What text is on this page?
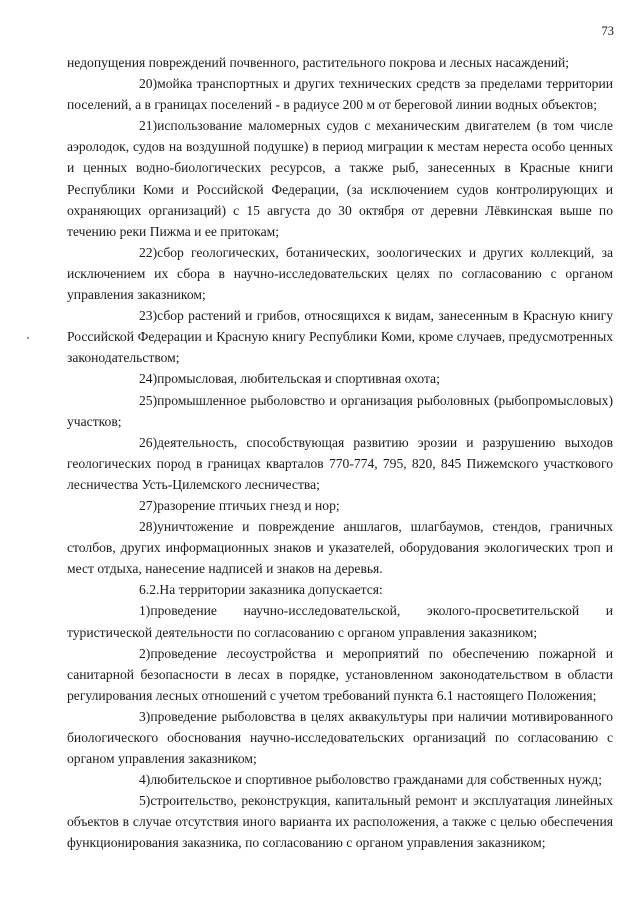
73

недопущения повреждений почвенного, растительного покрова и лесных насаждений;

20)мойка транспортных и других технических средств за пределами территории поселений, а в границах поселений - в радиусе 200 м от береговой линии водных объектов;

21)использование маломерных судов с механическим двигателем (в том числе аэролодок, судов на воздушной подушке) в период миграции к местам нереста особо ценных и ценных водно-биологических ресурсов, а также рыб, занесенных в Красные книги Республики Коми и Российской Федерации, (за исключением судов контролирующих и охраняющих организаций) с 15 августа до 30 октября от деревни Лёвкинская выше по течению реки Пижма и ее притокам;

22)сбор геологических, ботанических, зоологических и других коллекций, за исключением их сбора в научно-исследовательских целях по согласованию с органом управления заказником;

23)сбор растений и грибов, относящихся к видам, занесенным в Красную книгу Российской Федерации и Красную книгу Республики Коми, кроме случаев, предусмотренных законодательством;

24)промысловая, любительская и спортивная охота;

25)промышленное рыболовство и организация рыболовных (рыбопромысловых) участков;

26)деятельность, способствующая развитию эрозии и разрушению выходов геологических пород в границах кварталов 770-774, 795, 820, 845 Пижемского участкового лесничества Усть-Цилемского лесничества;

27)разорение птичьих гнезд и нор;

28)уничтожение и повреждение аншлагов, шлагбаумов, стендов, граничных столбов, других информационных знаков и указателей, оборудования экологических троп и мест отдыха, нанесение надписей и знаков на деревья.

6.2.На территории заказника допускается:

1)проведение научно-исследовательской, эколого-просветительской и туристической деятельности по согласованию с органом управления заказником;

2)проведение лесоустройства и мероприятий по обеспечению пожарной и санитарной безопасности в лесах в порядке, установленном законодательством в области регулирования лесных отношений с учетом требований пункта 6.1 настоящего Положения;

3)проведение рыболовства в целях аквакультуры при наличии мотивированного биологического обоснования научно-исследовательских организаций по согласованию с органом управления заказником;

4)любительское и спортивное рыболовство гражданами для собственных нужд;

5)строительство, реконструкция, капитальный ремонт и эксплуатация линейных объектов в случае отсутствия иного варианта их расположения, а также с целью обеспечения функционирования заказника, по согласованию с органом управления заказником;
